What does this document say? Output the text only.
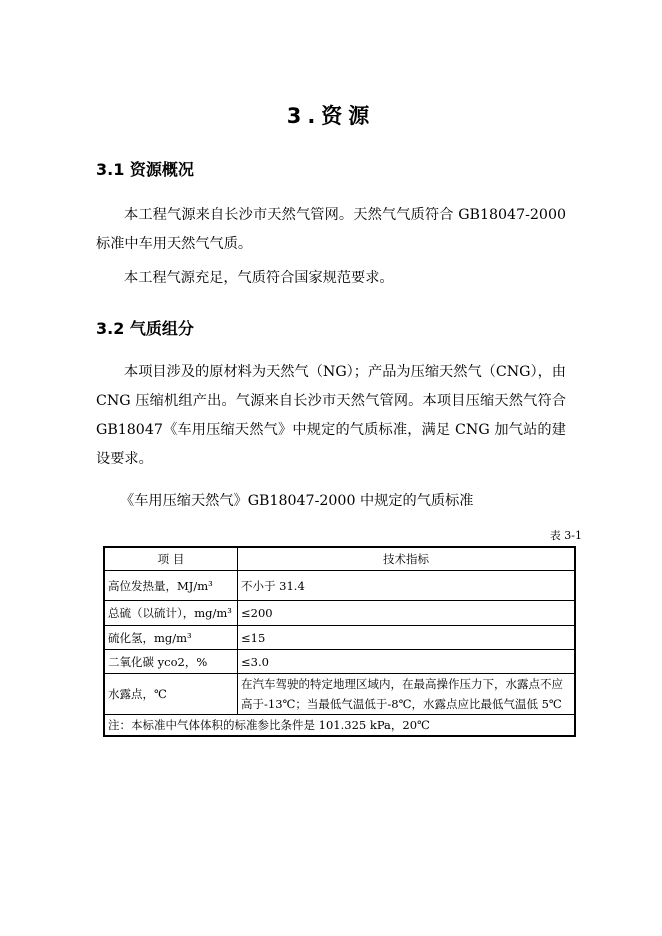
3.资源
3.1 资源概况

本工程气源来自长沙市天然气管网。天然气气质符合 GB18047-2000 标准中车用天然气气质。

本工程气源充足，气质符合国家规范要求。

3.2 气质组分

本项目涉及的原材料为天然气（NG）；产品为压缩天然气（CNG），由 CNG 压缩机组产出。气源来自长沙市天然气管网。本项目压缩天然气符合 GB18047《车用压缩天然气》中规定的气质标准，满足 CNG 加气站的建设要求。

《车用压缩天然气》GB18047-2000 中规定的气质标准
表 3-1
项 目	技术指标
高位发热量，MJ/m³	不小于 31.4
总硫（以硫计），mg/m³	≤200
硫化氢，mg/m³	≤15
二氧化碳 yco2，%	≤3.0
水露点，℃	在汽车驾驶的特定地理区域内，在最高操作压力下，水露点不应高于-13℃；当最低气温低于-8℃，水露点应比最低气温低 5℃
注：本标准中气体体积的标准参比条件是 101.325 kPa，20℃	
